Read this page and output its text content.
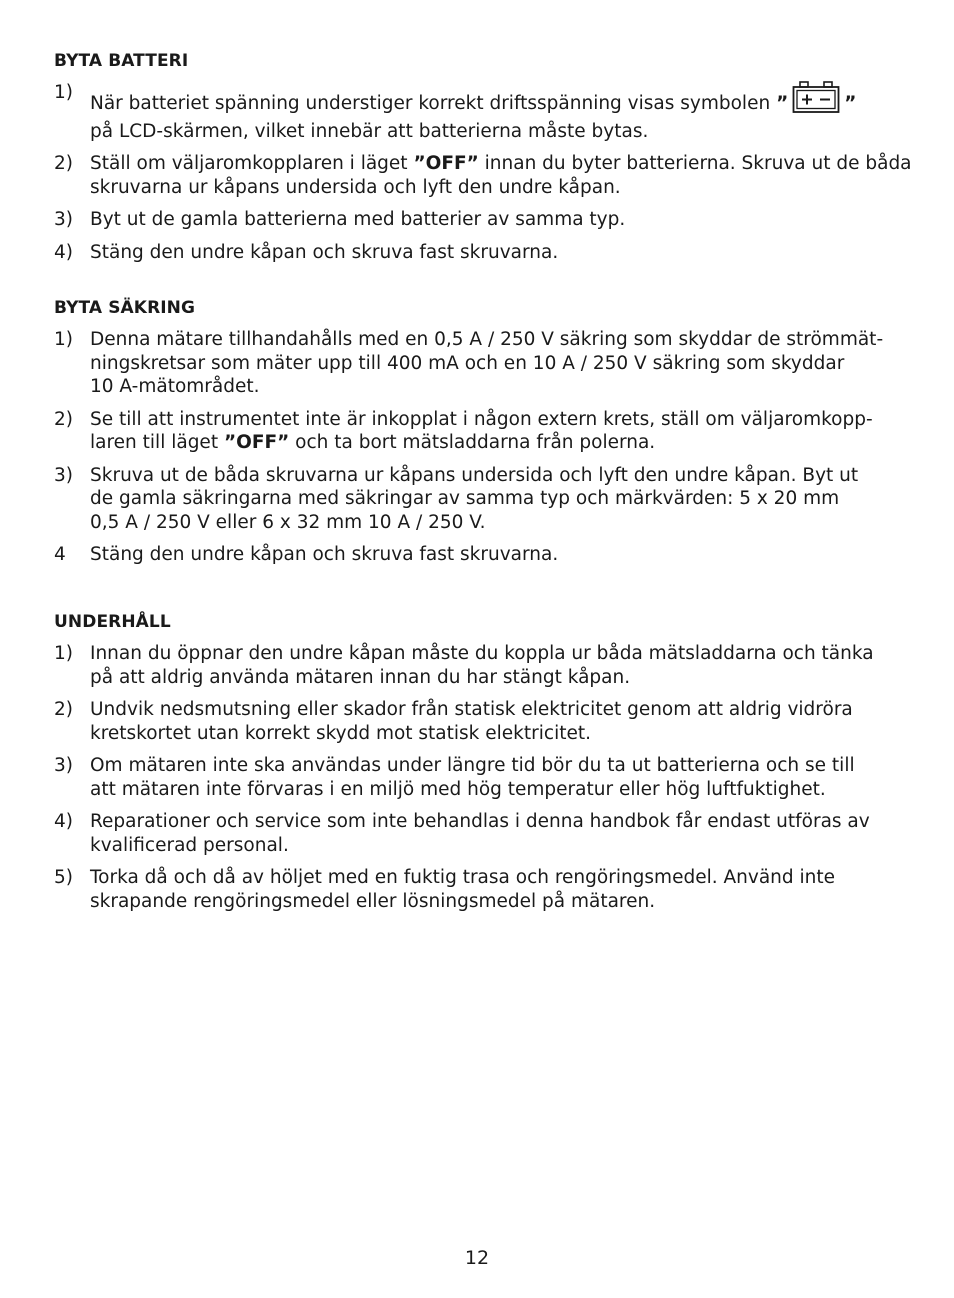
BYTA BATTERI
1)
När batteriet spänning understiger korrekt driftsspänning visas symbolen ”	”
på LCD-skärmen, vilket innebär att batterierna måste bytas.
2) Ställ om väljaromkopplaren i läget ”OFF” innan du byter batterierna. Skruva ut de båda skruvarna ur kåpans undersida och lyft den undre kåpan.
3) Byt ut de gamla batterierna med batterier av samma typ.
4) Stäng den undre kåpan och skruva fast skruvarna.
BYTA SÄKRING
1) Denna mätare tillhandahålls med en 0,5 A / 250 V säkring som skyddar de strömmät-
ningskretsar som mäter upp till 400 mA och en 10 A / 250 V säkring som skyddar
10 A-mätområdet.
2) Se till att instrumentet inte är inkopplat i någon extern krets, ställ om väljaromkopp-
laren till läget ”OFF” och ta bort mätsladdarna från polerna.
3) Skruva ut de båda skruvarna ur kåpans undersida och lyft den undre kåpan. Byt ut
de gamla säkringarna med säkringar av samma typ och märkvärden: 5 x 20 mm
0,5 A / 250 V eller 6 x 32 mm 10 A / 250 V.
4 Stäng den undre kåpan och skruva fast skruvarna.
UNDERHÅLL
1) Innan du öppnar den undre kåpan måste du koppla ur båda mätsladdarna och tänka
på att aldrig använda mätaren innan du har stängt kåpan.
2) Undvik nedsmutsning eller skador från statisk elektricitet genom att aldrig vidröra
kretskortet utan korrekt skydd mot statisk elektricitet.
3) Om mätaren inte ska användas under längre tid bör du ta ut batterierna och se till
att mätaren inte förvaras i en miljö med hög temperatur eller hög luftfuktighet.
4) Reparationer och service som inte behandlas i denna handbok får endast utföras av
kvalificerad personal.
5) Torka då och då av höljet med en fuktig trasa och rengöringsmedel. Använd inte
skrapande rengöringsmedel eller lösningsmedel på mätaren.
12
